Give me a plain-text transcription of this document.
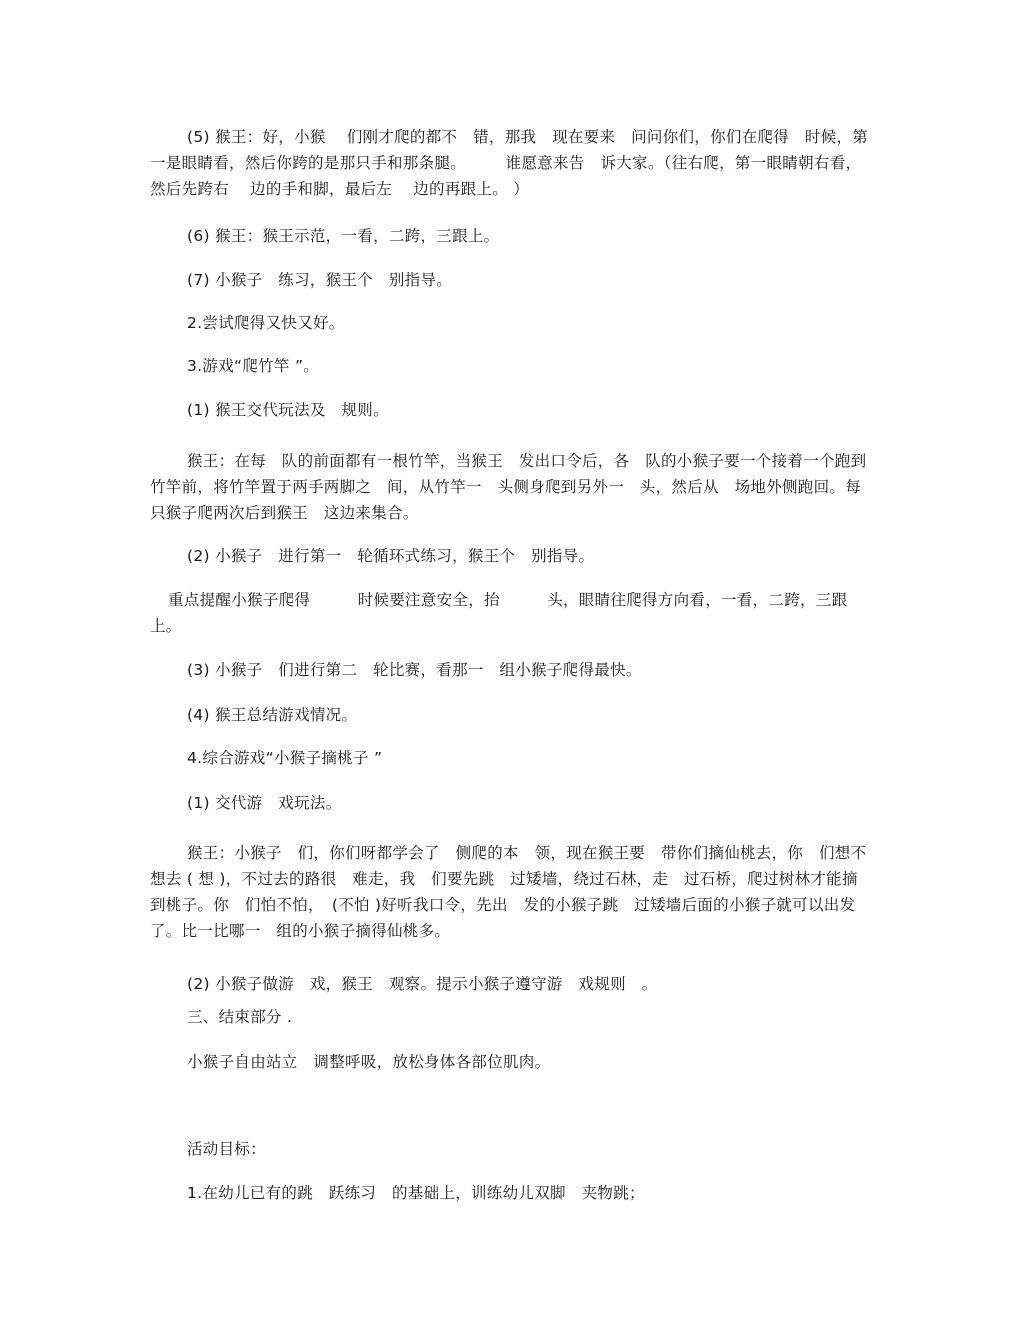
(5) 猴王：好，小猴　 们刚才爬的都不　错，那我　现在要来　问问你们，你们在爬得　时候，第一是眼睛看，然后你跨的是那只手和那条腿。　　　谁愿意来告　诉大家。（往右爬，第一眼睛朝右看，然后先跨右　 边的手和脚，最后左　 边的再跟上。 ）

(6) 猴王：猴王示范，一看，二跨，三跟上。

(7) 小猴子　练习，猴王个　别指导。

2.尝试爬得又快又好。

3.游戏“爬竹竿 ”。

(1) 猴王交代玩法及　规则。

猴王：在每　队的前面都有一根竹竿，当猴王　发出口令后，各　队的小猴子要一个接着一个跑到竹竿前，将竹竿置于两手两脚之　间，从竹竿一　头侧身爬到另外一　头，然后从　场地外侧跑回。每只猴子爬两次后到猴王　这边来集合。

(2) 小猴子　进行第一　轮循环式练习，猴王个　别指导。

重点提醒小猴子爬得　　　时候要注意安全，抬　　　头，眼睛往爬得方向看，一看，二跨，三跟上。

(3) 小猴子　们进行第二　轮比赛，看那一　组小猴子爬得最快。

(4) 猴王总结游戏情况。

4.综合游戏“小猴子摘桃子 ”

(1) 交代游　戏玩法。

猴王：小猴子　们，你们呀都学会了　侧爬的本　领，现在猴王要　带你们摘仙桃去，你　们想不想去 ( 想 )，不过去的路很　难走，我　们要先跳　过矮墙，绕过石林，走　过石桥，爬过树林才能摘到桃子。你　们怕不怕，　(不怕 )好听我口令，先出　发的小猴子跳　过矮墙后面的小猴子就可以出发了。比一比哪一　组的小猴子摘得仙桃多。

(2) 小猴子做游　戏，猴王　观察。提示小猴子遵守游　戏规则　。

三、结束部分 .

小猴子自由站立　调整呼吸，放松身体各部位肌肉。

活动目标：

1.在幼儿已有的跳　跃练习　的基础上，训练幼儿双脚　夹物跳；
